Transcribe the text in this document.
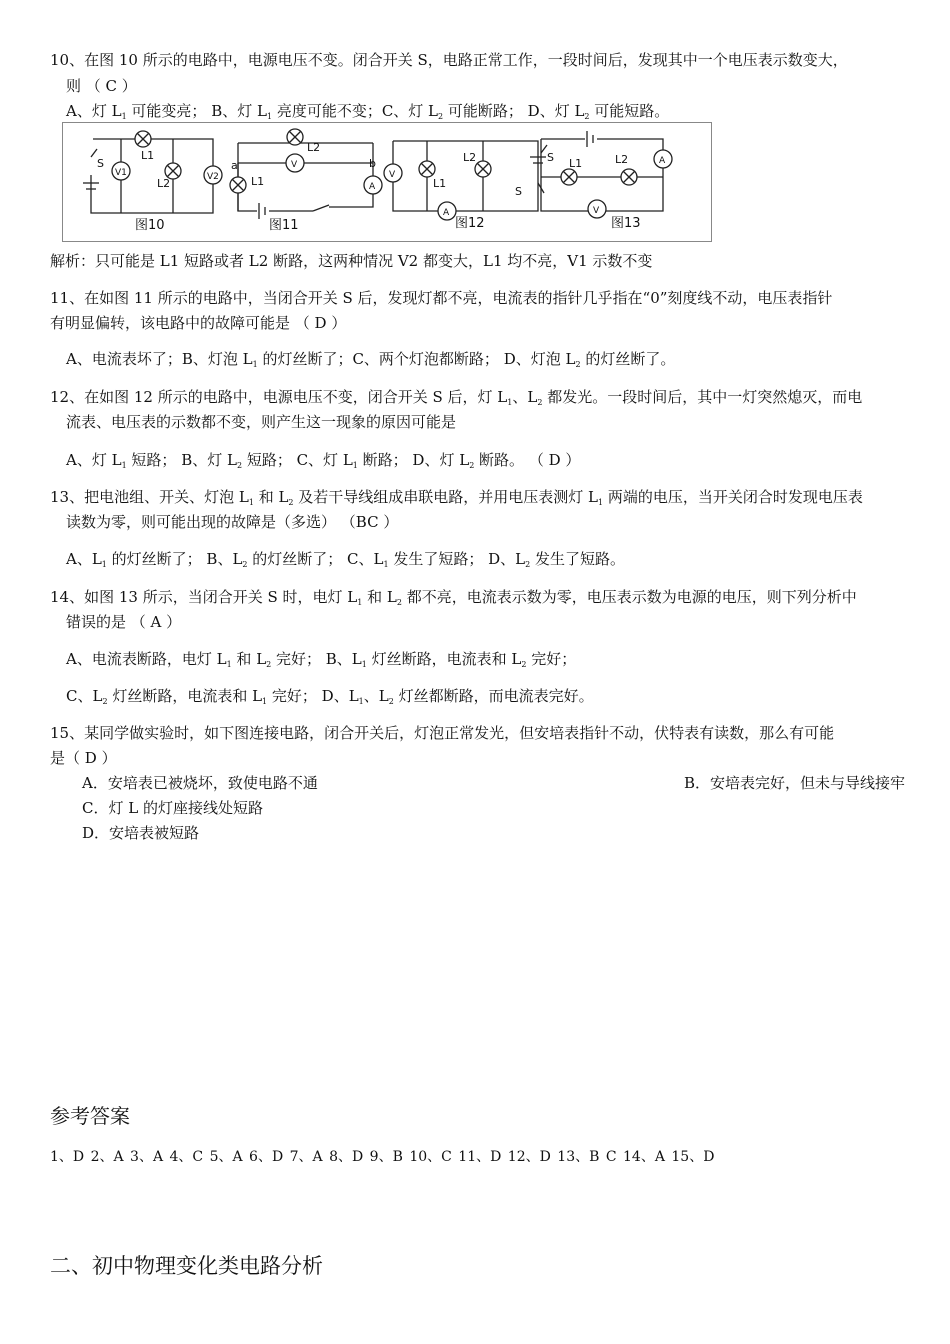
10、在图 10 所示的电路中，电源电压不变。闭合开关 S，电路正常工作，一段时间后，发现其中一个电压表示数变大，
则 （ C ）
A、灯 $L_1$ 可能变亮； B、灯 $L_1$ 亮度可能不变；C、灯 $L_2$ 可能断路； D、灯 $L_2$ 可能短路。
S
V1
L1
L2	V2
a	b
L1
L2
V
A
V
L1
L2
A
S
S L1	L2	A
V
图10	图11	图12	图13
解析：只可能是 L1 短路或者 L2 断路，这两种情况 V2 都变大，L1 均不亮，V1 示数不变
11、在如图 11 所示的电路中，当闭合开关 S 后，发现灯都不亮，电流表的指针几乎指在“0”刻度线不动，电压表指针
有明显偏转，该电路中的故障可能是 （ D ）
A、电流表坏了；B、灯泡 $L_1$ 的灯丝断了；C、两个灯泡都断路； D、灯泡 $L_2$ 的灯丝断了。
12、在如图 12 所示的电路中，电源电压不变，闭合开关 S 后，灯 $L_1$、$L_2$ 都发光。一段时间后，其中一灯突然熄灭，而电
流表、电压表的示数都不变，则产生这一现象的原因可能是
A、灯 $L_1$ 短路； B、灯 $L_2$ 短路； C、灯 $L_1$ 断路； D、灯 $L_2$ 断路。 （ D ）
13、把电池组、开关、灯泡 $L_1$ 和 $L_2$ 及若干导线组成串联电路，并用电压表测灯 $L_1$ 两端的电压，当开关闭合时发现电压表
读数为零，则可能出现的故障是（多选） （BC ）
A、$L_1$ 的灯丝断了； B、$L_2$ 的灯丝断了； C、$L_1$ 发生了短路； D、$L_2$ 发生了短路。
14、如图 13 所示，当闭合开关 S 时，电灯 $L_1$ 和 $L_2$ 都不亮，电流表示数为零，电压表示数为电源的电压，则下列分析中
错误的是 （ A ）
A、电流表断路，电灯 $L_1$ 和 $L_2$ 完好； B、$L_1$ 灯丝断路，电流表和 $L_2$ 完好；
C、$L_2$ 灯丝断路，电流表和 $L_1$ 完好； D、$L_1$、$L_2$ 灯丝都断路，而电流表完好。
15、某同学做实验时，如下图连接电路，闭合开关后，灯泡正常发光，但安培表指针不动，伏特表有读数，那么有可能
是（ D ）
A．安培表已被烧坏，致使电路不通	B．安培表完好，但未与导线接牢
C．灯 L 的灯座接线处短路
D．安培表被短路
参考答案
1、D 2、A 3、A 4、C 5、A 6、D 7、A 8、D 9、B 10、C 11、D 12、D 13、B C 14、A 15、D
二、初中物理变化类电路分析
